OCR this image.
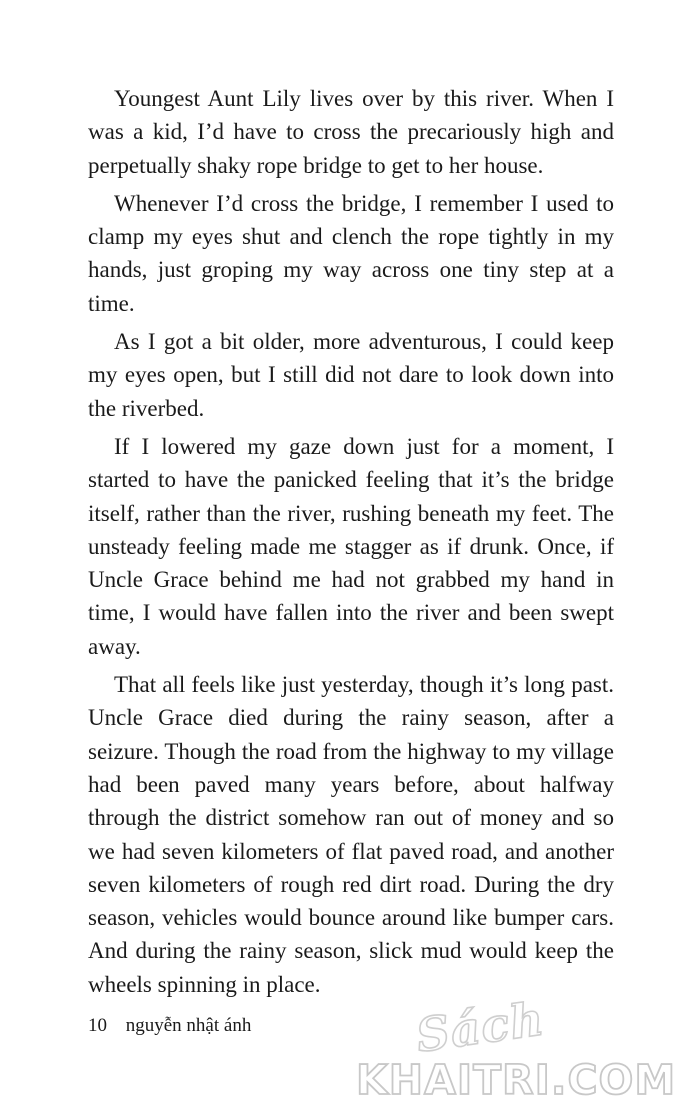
Youngest Aunt Lily lives over by this river. When I was a kid, I’d have to cross the precariously high and perpetually shaky rope bridge to get to her house.

Whenever I’d cross the bridge, I remember I used to clamp my eyes shut and clench the rope tightly in my hands, just groping my way across one tiny step at a time.

As I got a bit older, more adventurous, I could keep my eyes open, but I still did not dare to look down into the riverbed.

If I lowered my gaze down just for a moment, I started to have the panicked feeling that it’s the bridge itself, rather than the river, rushing beneath my feet. The unsteady feeling made me stagger as if drunk. Once, if Uncle Grace behind me had not grabbed my hand in time, I would have fallen into the river and been swept away.

That all feels like just yesterday, though it’s long past. Uncle Grace died during the rainy season, after a seizure. Though the road from the highway to my village had been paved many years before, about halfway through the district somehow ran out of money and so we had seven kilometers of flat paved road, and another seven kilometers of rough red dirt road. During the dry season, vehicles would bounce around like bumper cars. And during the rainy season, slick mud would keep the wheels spinning in place.

10 nguyễn nhật ánh	Sách
KHAITRI.COM
